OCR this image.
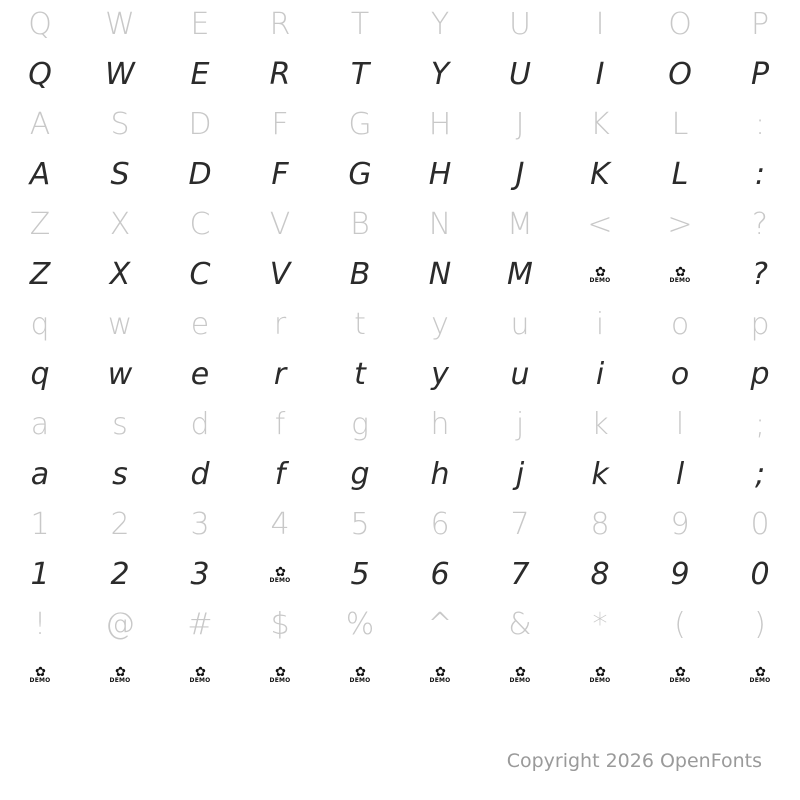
Q W E R T Y U I O P
Q W E R T Y U I O P
A S D F G H J K L :
A S D F G H J K L :
Z X C V B N M < > ?
Z X C V B N M	✿
DEMO
✿
DEMO ?
q w e r t y u i o p
q w e r t y u i o p
a s d f g h j k l ;
a s d f g h j k l ;
1 2 3 4 5 6 7 8 9 0
1 2 3	✿
DEMO 5 6 7 8 9 0
! @ # $ % ^ & * ( )
✿
DEMO
✿
DEMO
✿
DEMO
✿
DEMO
✿
DEMO
✿
DEMO
✿
DEMO
✿
DEMO
✿
DEMO
✿
DEMO
Copyright 2026 OpenFonts
